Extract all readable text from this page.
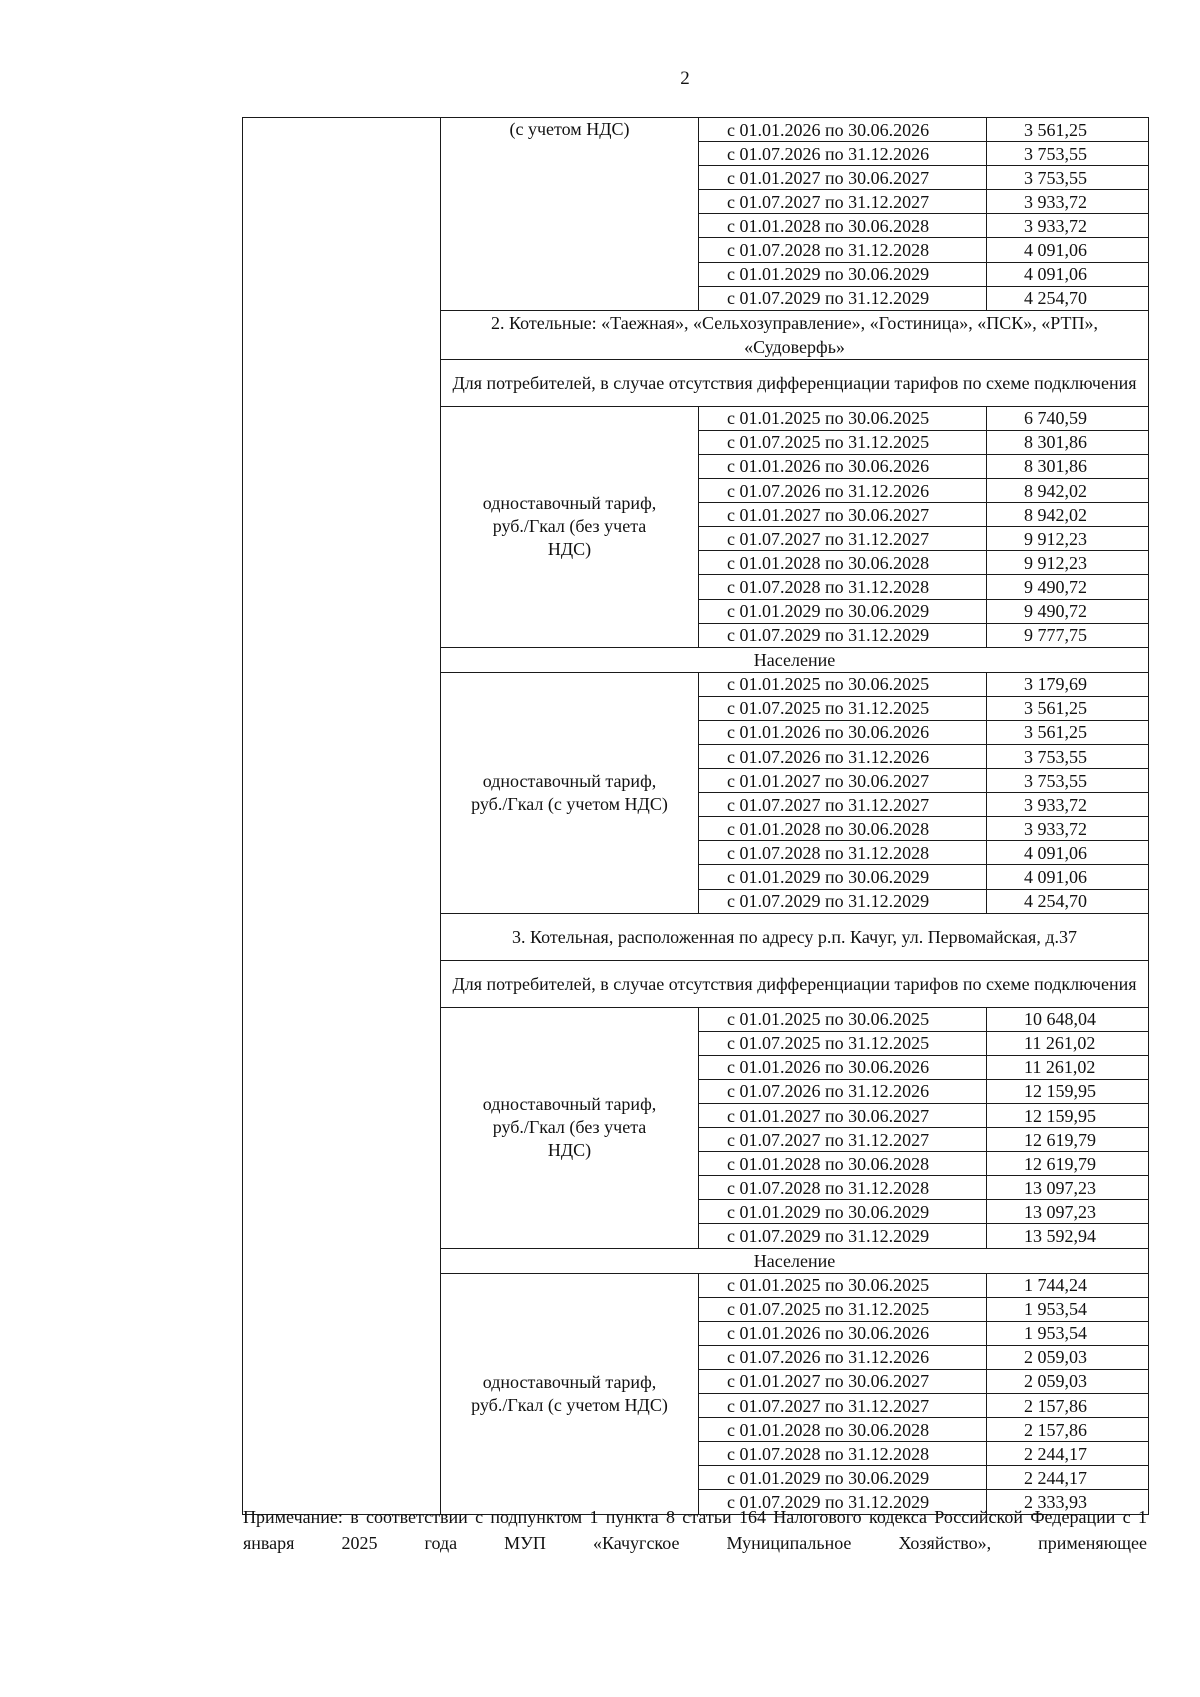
2
	(с учетом НДС)	с 01.01.2026 по 30.06.2026	3 561,25
		с 01.07.2026 по 31.12.2026	3 753,55
		с 01.01.2027 по 30.06.2027	3 753,55
		с 01.07.2027 по 31.12.2027	3 933,72
		с 01.01.2028 по 30.06.2028	3 933,72
		с 01.07.2028 по 31.12.2028	4 091,06
		с 01.01.2029 по 30.06.2029	4 091,06
		с 01.07.2029 по 31.12.2029	4 254,70
	2. Котельные: «Таежная», «Сельхозуправление», «Гостиница», «ПСК», «РТП», «Судоверфь»		
	Для потребителей, в случае отсутствия дифференциации тарифов по схеме подключения		
	одноставочный тариф, руб./Гкал (без учета НДС)	с 01.01.2025 по 30.06.2025	6 740,59
		с 01.07.2025 по 31.12.2025	8 301,86
		с 01.01.2026 по 30.06.2026	8 301,86
		с 01.07.2026 по 31.12.2026	8 942,02
		с 01.01.2027 по 30.06.2027	8 942,02
		с 01.07.2027 по 31.12.2027	9 912,23
		с 01.01.2028 по 30.06.2028	9 912,23
		с 01.07.2028 по 31.12.2028	9 490,72
		с 01.01.2029 по 30.06.2029	9 490,72
		с 01.07.2029 по 31.12.2029	9 777,75
	Население		
	одноставочный тариф, руб./Гкал (с учетом НДС)	с 01.01.2025 по 30.06.2025	3 179,69
		с 01.07.2025 по 31.12.2025	3 561,25
		с 01.01.2026 по 30.06.2026	3 561,25
		с 01.07.2026 по 31.12.2026	3 753,55
		с 01.01.2027 по 30.06.2027	3 753,55
		с 01.07.2027 по 31.12.2027	3 933,72
		с 01.01.2028 по 30.06.2028	3 933,72
		с 01.07.2028 по 31.12.2028	4 091,06
		с 01.01.2029 по 30.06.2029	4 091,06
		с 01.07.2029 по 31.12.2029	4 254,70
	3. Котельная, расположенная по адресу р.п. Качуг, ул. Первомайская, д.37		
	Для потребителей, в случае отсутствия дифференциации тарифов по схеме подключения		
	одноставочный тариф, руб./Гкал (без учета НДС)	с 01.01.2025 по 30.06.2025	10 648,04
		с 01.07.2025 по 31.12.2025	11 261,02
		с 01.01.2026 по 30.06.2026	11 261,02
		с 01.07.2026 по 31.12.2026	12 159,95
		с 01.01.2027 по 30.06.2027	12 159,95
		с 01.07.2027 по 31.12.2027	12 619,79
		с 01.01.2028 по 30.06.2028	12 619,79
		с 01.07.2028 по 31.12.2028	13 097,23
		с 01.01.2029 по 30.06.2029	13 097,23
		с 01.07.2029 по 31.12.2029	13 592,94
	Население		
	одноставочный тариф, руб./Гкал (с учетом НДС)	с 01.01.2025 по 30.06.2025	1 744,24
		с 01.07.2025 по 31.12.2025	1 953,54
		с 01.01.2026 по 30.06.2026	1 953,54
		с 01.07.2026 по 31.12.2026	2 059,03
		с 01.01.2027 по 30.06.2027	2 059,03
		с 01.07.2027 по 31.12.2027	2 157,86
		с 01.01.2028 по 30.06.2028	2 157,86
		с 01.07.2028 по 31.12.2028	2 244,17
		с 01.01.2029 по 30.06.2029	2 244,17
		с 01.07.2029 по 31.12.2029	2 333,93
Примечание: в соответствии с подпунктом 1 пункта 8 статьи 164 Налогового кодекса Российской Федерации с 1 января 2025 года МУП «Качугское Муниципальное Хозяйство», применяющее
